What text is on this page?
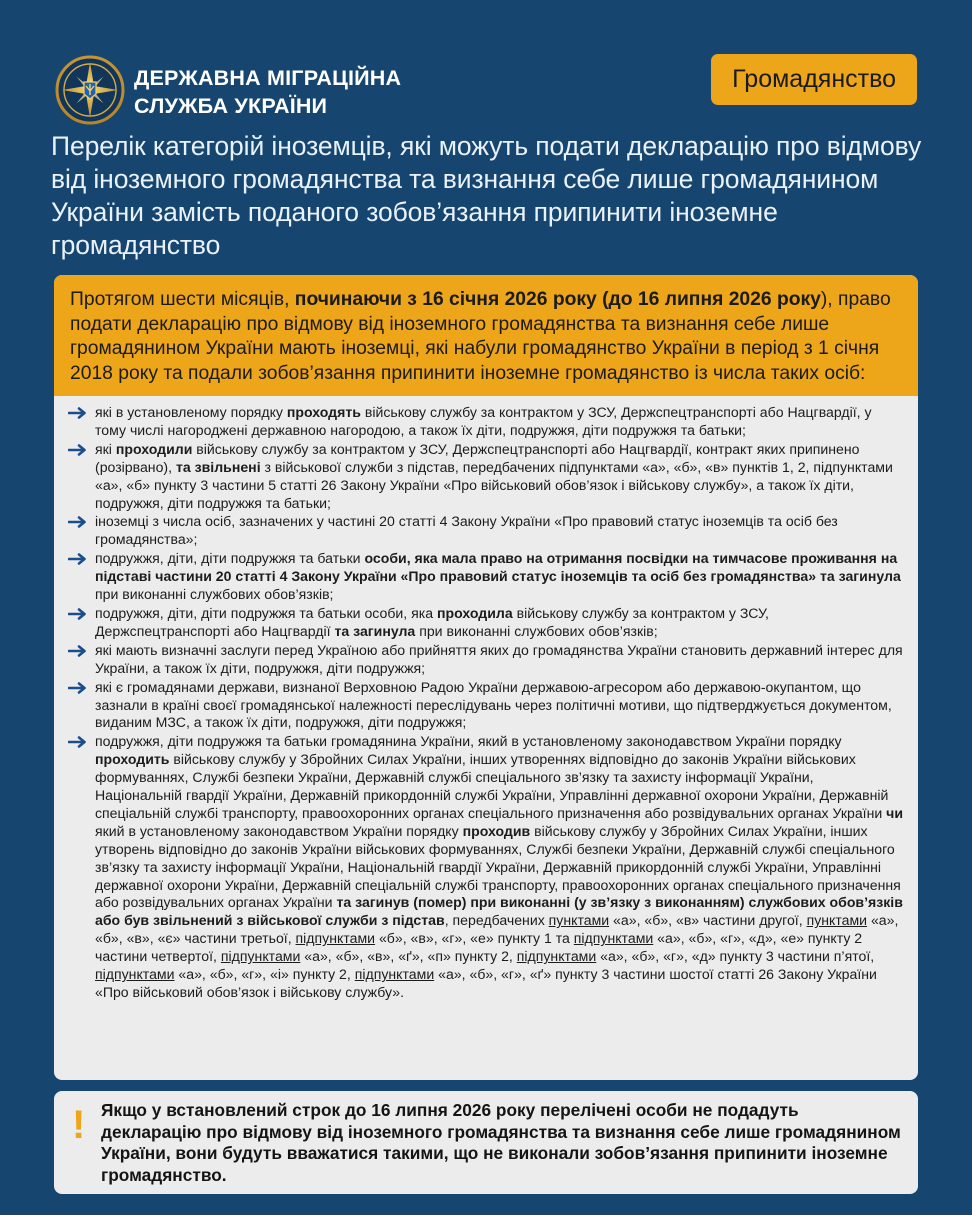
ДЕРЖАВНА МІГРАЦІЙНА
СЛУЖБА УКРАЇНИ
Громадянство
Перелік категорій іноземців, які можуть подати декларацію про відмову від іноземного громадянства та визнання себе лише громадянином України замість поданого зобов’язання припинити іноземне громадянство
Протягом шести місяців, починаючи з 16 січня 2026 року (до 16 липня 2026 року), право подати декларацію про відмову від іноземного громадянства та визнання себе лише громадянином України мають іноземці, які набули громадянство України в період з 1 січня 2018 року та подали зобов’язання припинити іноземне громадянство із числа таких осіб:
які в установленому порядку проходять військову службу за контрактом у ЗСУ, Держспецтранспорті або Нацгвардії, у тому числі нагороджені державною нагородою, а також їх діти, подружжя, діти подружжя та батьки;
які проходили військову службу за контрактом у ЗСУ, Держспецтранспорті або Нацгвардії, контракт яких припинено (розірвано), та звільнені з військової служби з підстав, передбачених підпунктами «а», «б», «в» пунктів 1, 2, підпунктами «а», «б» пункту 3 частини 5 статті 26 Закону України «Про військовий обов’язок і військову службу», а також їх діти, подружжя, діти подружжя та батьки;
іноземці з числа осіб, зазначених у частині 20 статті 4 Закону України «Про правовий статус іноземців та осіб без громадянства»;
подружжя, діти, діти подружжя та батьки особи, яка мала право на отримання посвідки на тимчасове проживання на підставі частини 20 статті 4 Закону України «Про правовий статус іноземців та осіб без громадянства» та загинула при виконанні службових обов’язків;
подружжя, діти, діти подружжя та батьки особи, яка проходила військову службу за контрактом у ЗСУ, Держспецтранспорті або Нацгвардії та загинула при виконанні службових обов’язків;
які мають визначні заслуги перед Україною або прийняття яких до громадянства України становить державний інтерес для України, а також їх діти, подружжя, діти подружжя;
які є громадянами держави, визнаної Верховною Радою України державою-агресором або державою-окупантом, що зазнали в країні своєї громадянської належності переслідувань через політичні мотиви, що підтверджується документом, виданим МЗС, а також їх діти, подружжя, діти подружжя;
подружжя, діти подружжя та батьки громадянина України, який в установленому законодавством України порядку проходить військову службу у Збройних Силах України, інших утвореннях відповідно до законів України військових формуваннях, Службі безпеки України, Державній службі спеціального зв’язку та захисту інформації України, Національній гвардії України, Державній прикордонній службі України, Управлінні державної охорони України, Державній спеціальній службі транспорту, правоохоронних органах спеціального призначення або розвідувальних органах України чи який в установленому законодавством України порядку проходив військову службу у Збройних Силах України, інших утворень відповідно до законів України військових формуваннях, Службі безпеки України, Державній службі спеціального зв’язку та захисту інформації України, Національній гвардії України, Державній прикордонній службі України, Управлінні державної охорони України, Державній спеціальній службі транспорту, правоохоронних органах спеціального призначення або розвідувальних органах України та загинув (помер) при виконанні (у зв’язку з виконанням) службових обов’язків або був звільнений з військової служби з підстав, передбачених пунктами «а», «б», «в» частини другої, пунктами «а», «б», «в», «є» частини третьої, підпунктами «б», «в», «г», «е» пункту 1 та підпунктами «а», «б», «г», «д», «е» пункту 2 частини четвертої, підпунктами «а», «б», «в», «ґ», «п» пункту 2, підпунктами «а», «б», «г», «д» пункту 3 частини п’ятої, підпунктами «а», «б», «г», «і» пункту 2, підпунктами «а», «б», «г», «ґ» пункту 3 частини шостої статті 26 Закону України «Про військовий обов’язок і військову службу».
! Якщо у встановлений строк до 16 липня 2026 року перелічені особи не подадуть декларацію про відмову від іноземного громадянства та визнання себе лише громадянином України, вони будуть вважатися такими, що не виконали зобов’язання припинити іноземне громадянство.
